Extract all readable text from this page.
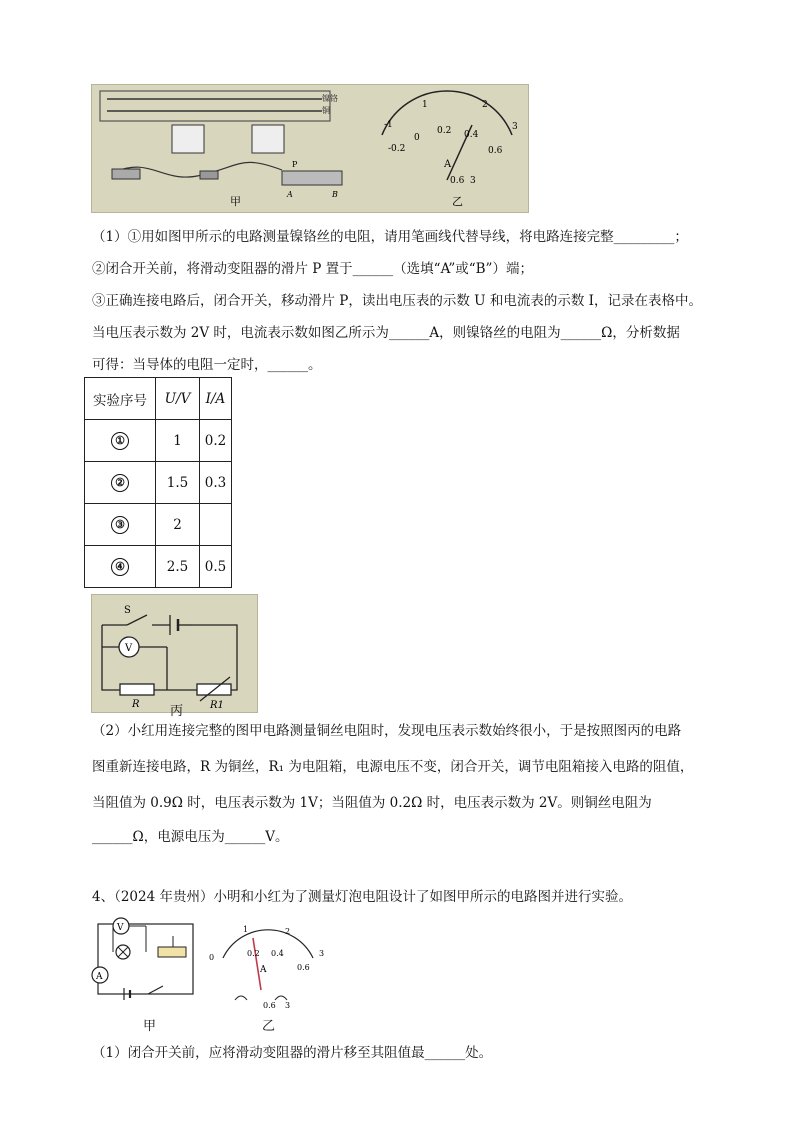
镍铬
铜
P
A	B
甲
-1
-0.2
0
0.2 0.4
0.6
3
1	2
A
0.6 3
乙
（1）①用如图甲所示的电路测量镍铬丝的电阻，请用笔画线代替导线，将电路连接完整_________；
②闭合开关前，将滑动变阻器的滑片 P 置于______（选填“A”或“B”）端；
③正确连接电路后，闭合开关，移动滑片 P，读出电压表的示数 U 和电流表的示数 I，记录在表格中。
当电压表示数为 2V 时，电流表示数如图乙所示为______A，则镍铬丝的电阻为______Ω，分析数据
可得：当导体的电阻一定时，______。
实验序号	U/V	I/A
①	1	0.2
②	1.5	0.3
③	2	
④	2.5	0.5
S
V
R	R1
丙
（2）小红用连接完整的图甲电路测量铜丝电阻时，发现电压表示数始终很小，于是按照图丙的电路
图重新连接电路，R 为铜丝，R₁ 为电阻箱，电源电压不变，闭合开关，调节电阻箱接入电路的阻值，
当阻值为 0.9Ω 时，电压表示数为 1V；当阻值为 0.2Ω 时，电压表示数为 2V。则铜丝电阻为
______Ω，电源电压为______V。
4、（2024 年贵州）小明和小红为了测量灯泡电阻设计了如图甲所示的电路图并进行实验。
V
A
甲
0	0.2 0.4
0.6
3
1	2
A
0.6 3
乙
（1）闭合开关前，应将滑动变阻器的滑片移至其阻值最______处。
